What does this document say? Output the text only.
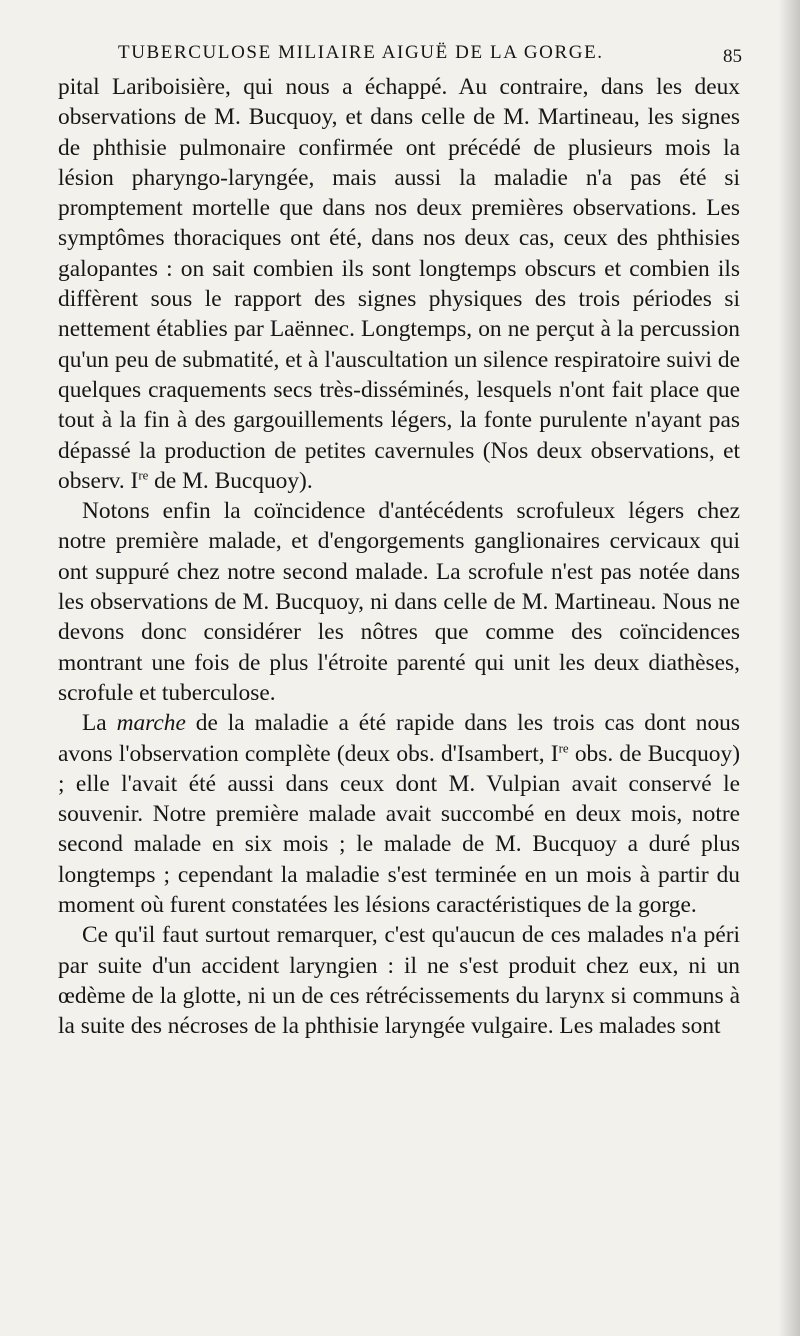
TUBERCULOSE MILIAIRE AIGUË DE LA GORGE.	85

pital Lariboisière, qui nous a échappé. Au contraire, dans les deux observations de M. Bucquoy, et dans celle de M. Martineau, les signes de phthisie pulmonaire confirmée ont précédé de plusieurs mois la lésion pharyngo-laryngée, mais aussi la maladie n'a pas été si promptement mortelle que dans nos deux premières observations. Les symptômes thoraciques ont été, dans nos deux cas, ceux des phthisies galopantes : on sait combien ils sont longtemps obscurs et combien ils diffèrent sous le rapport des signes physiques des trois périodes si nettement établies par Laënnec. Longtemps, on ne perçut à la percussion qu'un peu de submatité, et à l'auscultation un silence respiratoire suivi de quelques craquements secs très-disséminés, lesquels n'ont fait place que tout à la fin à des gargouillements légers, la fonte purulente n'ayant pas dépassé la production de petites cavernules (Nos deux observations, et observ. Ire de M. Bucquoy).

Notons enfin la coïncidence d'antécédents scrofuleux légers chez notre première malade, et d'engorgements ganglionaires cervicaux qui ont suppuré chez notre second malade. La scrofule n'est pas notée dans les observations de M. Bucquoy, ni dans celle de M. Martineau. Nous ne devons donc considérer les nôtres que comme des coïncidences montrant une fois de plus l'étroite parenté qui unit les deux diathèses, scrofule et tuberculose.

La marche de la maladie a été rapide dans les trois cas dont nous avons l'observation complète (deux obs. d'Isambert, Ire obs. de Bucquoy) ; elle l'avait été aussi dans ceux dont M. Vulpian avait conservé le souvenir. Notre première malade avait succombé en deux mois, notre second malade en six mois ; le malade de M. Bucquoy a duré plus longtemps ; cependant la maladie s'est terminée en un mois à partir du moment où furent constatées les lésions caractéristiques de la gorge.

Ce qu'il faut surtout remarquer, c'est qu'aucun de ces malades n'a péri par suite d'un accident laryngien : il ne s'est produit chez eux, ni un œdème de la glotte, ni un de ces rétrécissements du larynx si communs à la suite des nécroses de la phthisie laryngée vulgaire. Les malades sont
